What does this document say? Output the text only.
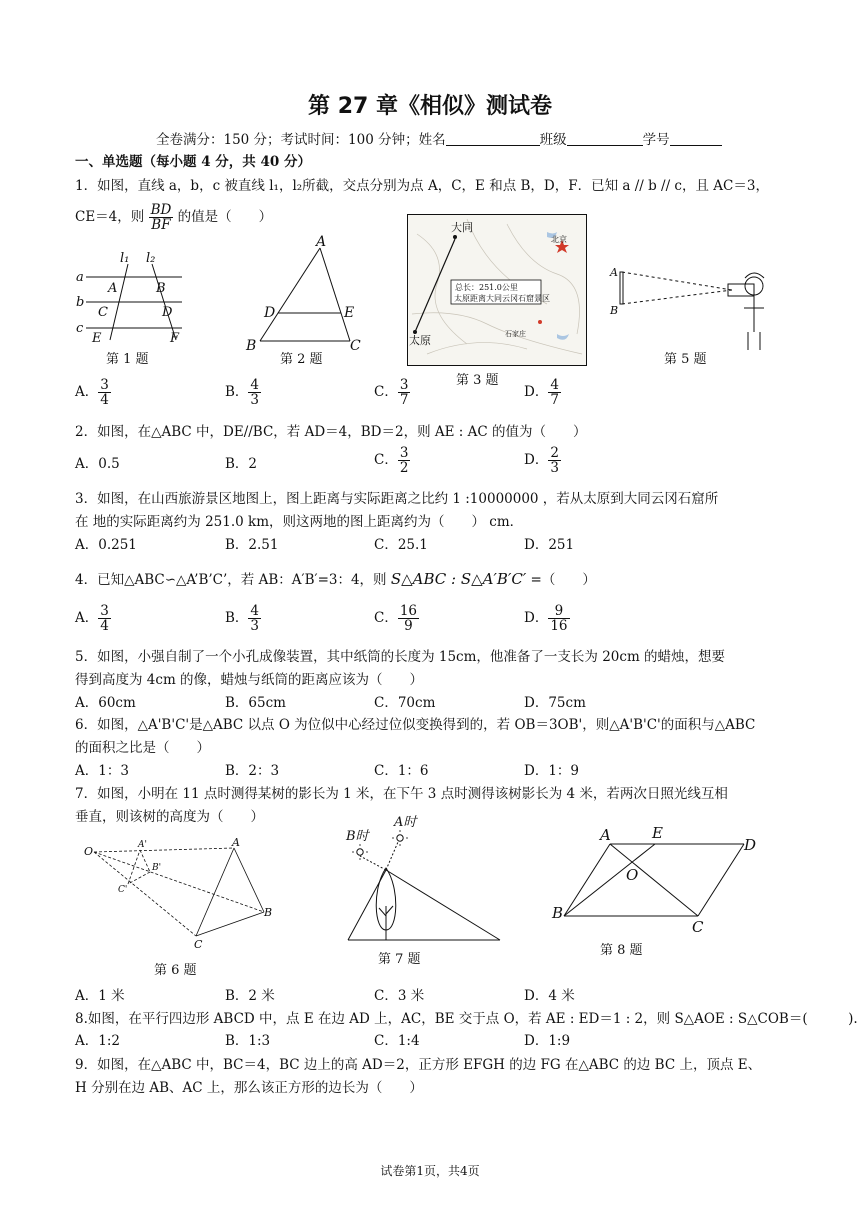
第 27 章《相似》测试卷
全卷满分：150 分；考试时间：100 分钟；姓名	班级	学号
一、单选题（每小题 4 分，共 40 分）
1．如图，直线 a，b，c 被直线 l₁，l₂所截，交点分别为点 A，C，E 和点 B，D，F．已知 a // b // c，且 AC＝3，
CE＝4，则 $\frac{BD}{BF}$ 的值是（　　）
l₁ l₂
a
b
c
A	B
C	D
E	F
第 1 题
A
D	E
B	C
第 2 题
大同
北京
太原
总长：251.0公里
太原距离大同云冈石窟景区
石家庄
第 3 题
A
B
第 5 题
A． $\frac{3}{4}$	B． $\frac{4}{3}$	C． $\frac{3}{7}$	D． $\frac{4}{7}$
2．如图，在△ABC 中，DE//BC，若 AD＝4，BD＝2，则 AE : AC 的值为（　　）
A．0.5	B．2	C． $\frac{3}{2}$	D． $\frac{2}{3}$
3．如图，在山西旅游景区地图上，图上距离与实际距离之比约 1 :10000000 ，若从太原到大同云冈石窟所
在 地的实际距离约为 251.0 km，则这两地的图上距离约为（　　） cm．
A．0.251	B．2.51	C．25.1	D．251
4．已知△ABC∽△A’B’C’，若 AB：A′B′=3：4，则 S△ABC : S△A′B′C′ =（　　）
A． $\frac{3}{4}$	B． $\frac{4}{3}$	C． $\frac{16}{9}$	D． $\frac{9}{16}$
5．如图，小强自制了一个小孔成像装置，其中纸筒的长度为 15cm，他准备了一支长为 20cm 的蜡烛，想要
得到高度为 4cm 的像，蜡烛与纸筒的距离应该为（　　）
A．60cm	B．65cm	C．70cm	D．75cm
6．如图，△A'B'C'是△ABC 以点 O 为位似中心经过位似变换得到的，若 OB＝3OB'，则△A'B'C'的面积与△ABC
的面积之比是（　　）
A．1：3	B．2：3	C．1：6	D．1：9
7．如图，小明在 11 点时测得某树的影长为 1 米，在下午 3 点时测得该树影长为 4 米，若两次日照光线互相
垂直，则该树的高度为（　　）
O	A'
B'
C'
A
B
C
第 6 题
B时
A时
第 7 题
A	E
D
O
B
C
第 8 题
A．1 米	B．2 米	C．3 米	D．4 米
8.如图，在平行四边形 ABCD 中，点 E 在边 AD 上，AC，BE 交于点 O，若 AE : ED＝1 : 2，则 S△AOE : S△COB＝(　　　).
A．1:2	B．1:3	C．1:4	D．1:9
9．如图，在△ABC 中，BC＝4，BC 边上的高 AD＝2，正方形 EFGH 的边 FG 在△ABC 的边 BC 上，顶点 E、
H 分别在边 AB、AC 上，那么该正方形的边长为（　　）
试卷第1页，共4页
